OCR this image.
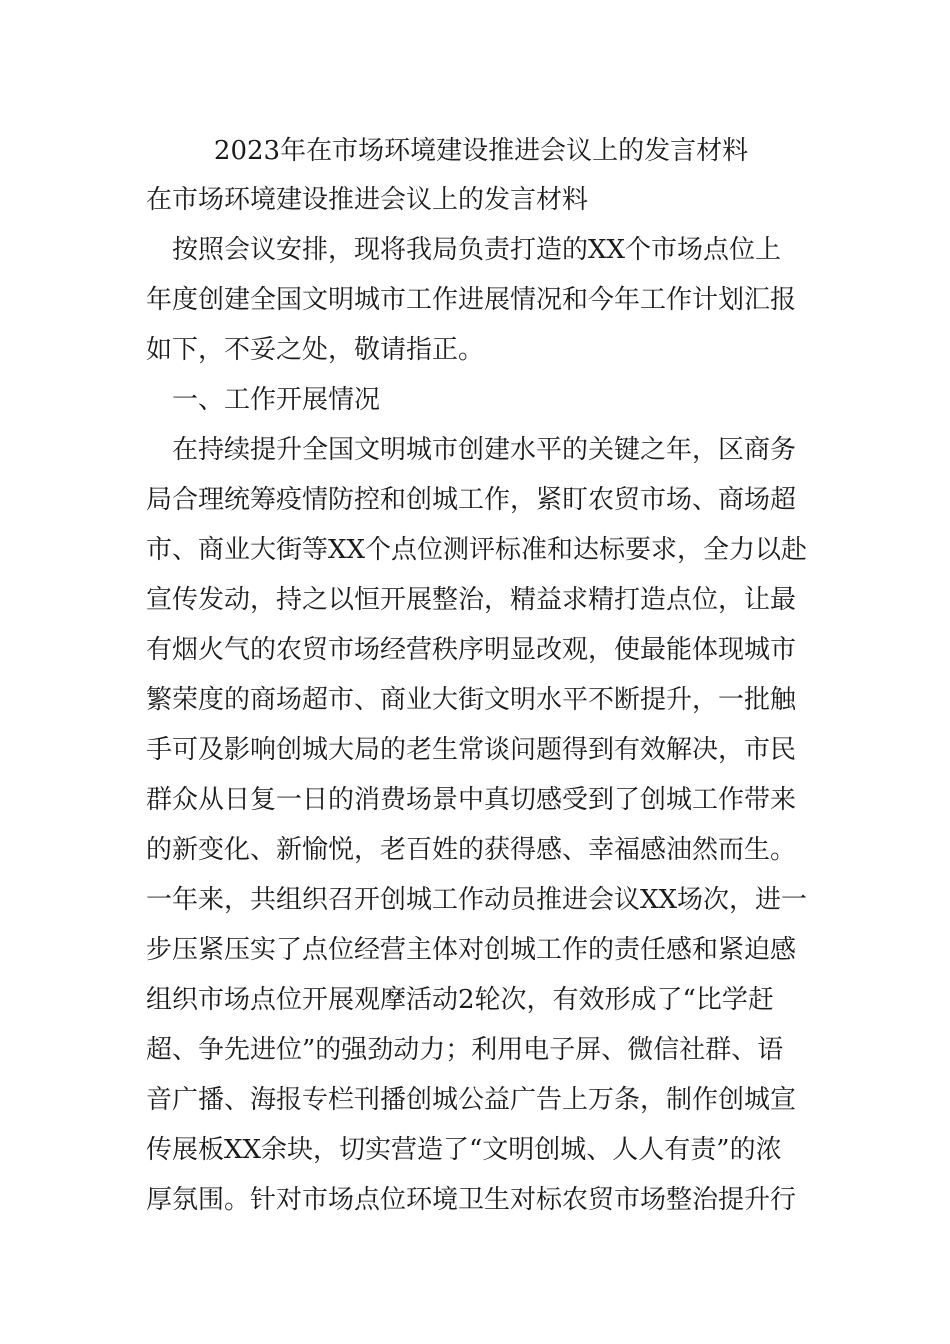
2023年在市场环境建设推进会议上的发言材料
在市场环境建设推进会议上的发言材料
　按照会议安排，现将我局负责打造的XX个市场点位上
年度创建全国文明城市工作进展情况和今年工作计划汇报
如下，不妥之处，敬请指正。
　一、工作开展情况
　在持续提升全国文明城市创建水平的关键之年，区商务
局合理统筹疫情防控和创城工作，紧盯农贸市场、商场超
市、商业大街等XX个点位测评标准和达标要求，全力以赴
宣传发动，持之以恒开展整治，精益求精打造点位，让最
有烟火气的农贸市场经营秩序明显改观，使最能体现城市
繁荣度的商场超市、商业大街文明水平不断提升，一批触
手可及影响创城大局的老生常谈问题得到有效解决，市民
群众从日复一日的消费场景中真切感受到了创城工作带来
的新变化、新愉悦，老百姓的获得感、幸福感油然而生。
一年来，共组织召开创城工作动员推进会议XX场次，进一
步压紧压实了点位经营主体对创城工作的责任感和紧迫感
组织市场点位开展观摩活动2轮次，有效形成了“比学赶
超、争先进位”的强劲动力；利用电子屏、微信社群、语
音广播、海报专栏刊播创城公益广告上万条，制作创城宣
传展板XX余块，切实营造了“文明创城、人人有责”的浓
厚氛围。针对市场点位环境卫生对标农贸市场整治提升行
